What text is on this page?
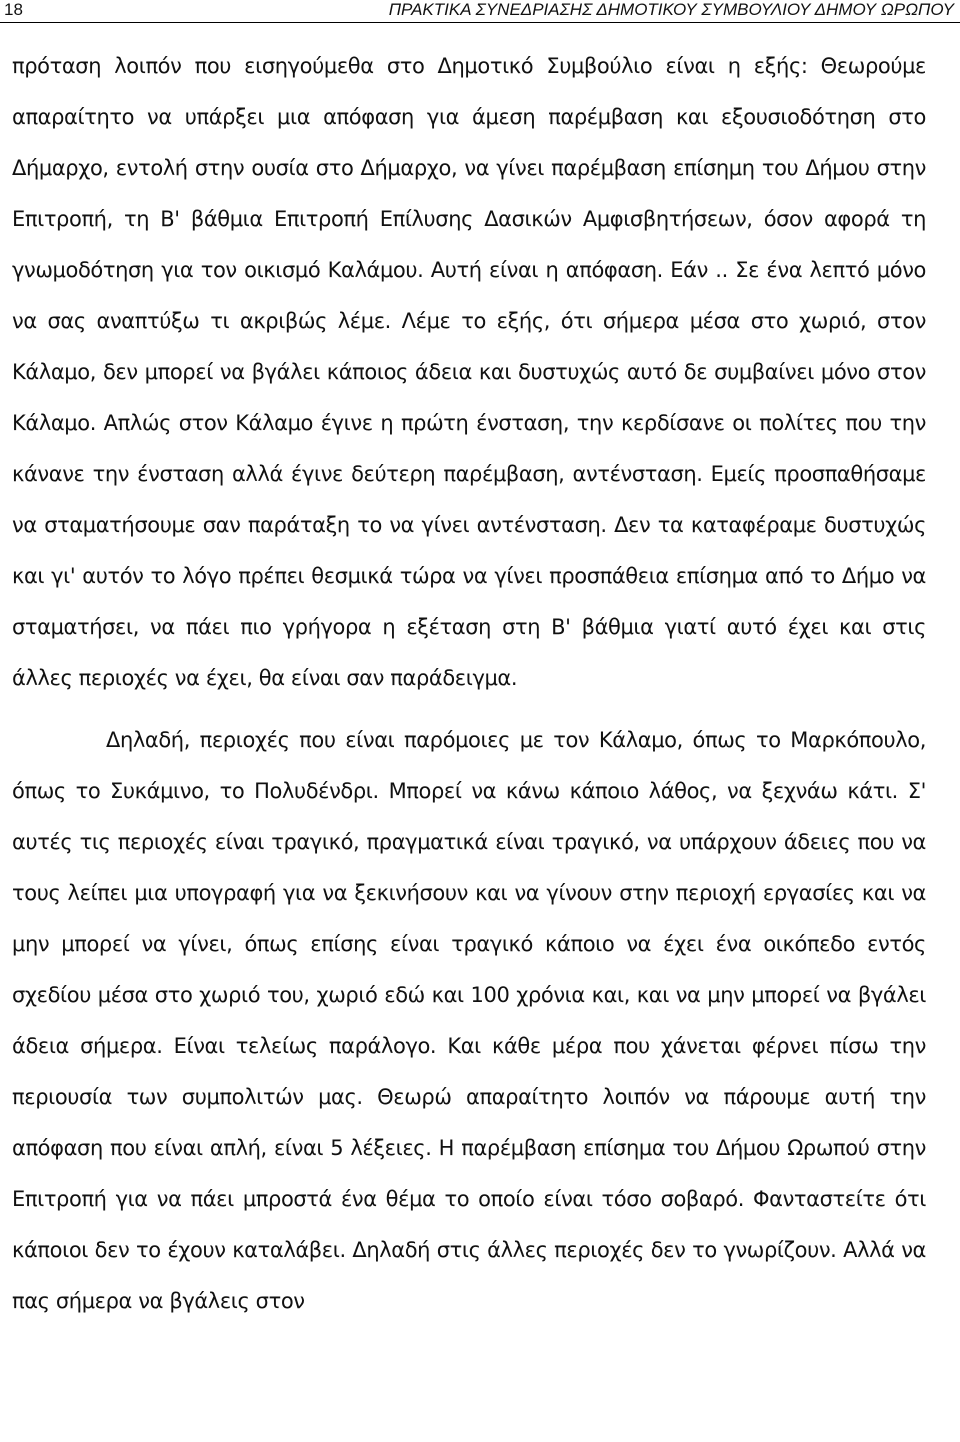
18	ΠΡΑΚΤΙΚΑ ΣΥΝΕΔΡΙΑΣΗΣ ΔΗΜΟΤΙΚΟΥ ΣΥΜΒΟΥΛΙΟΥ ΔΗΜΟΥ ΩΡΩΠΟΥ

πρόταση λοιπόν που εισηγούμεθα στο Δημοτικό Συμβούλιο είναι η εξής: Θεωρούμε απαραίτητο να υπάρξει μια απόφαση για άμεση παρέμβαση και εξουσιοδότηση στο Δήμαρχο, εντολή στην ουσία στο Δήμαρχο, να γίνει παρέμβαση επίσημη του Δήμου στην Επιτροπή, τη Β' βάθμια Επιτροπή Επίλυσης Δασικών Αμφισβητήσεων, όσον αφορά τη γνωμοδότηση για τον οικισμό Καλάμου. Αυτή είναι η απόφαση. Εάν .. Σε ένα λεπτό μόνο να σας αναπτύξω τι ακριβώς λέμε. Λέμε το εξής, ότι σήμερα μέσα στο χωριό, στον Κάλαμο, δεν μπορεί να βγάλει κάποιος άδεια και δυστυχώς αυτό δε συμβαίνει μόνο στον Κάλαμο. Απλώς στον Κάλαμο έγινε η πρώτη ένσταση, την κερδίσανε οι πολίτες που την κάνανε την ένσταση αλλά έγινε δεύτερη παρέμβαση, αντένσταση. Εμείς προσπαθήσαμε να σταματήσουμε σαν παράταξη το να γίνει αντένσταση. Δεν τα καταφέραμε δυστυχώς και γι' αυτόν το λόγο πρέπει θεσμικά τώρα να γίνει προσπάθεια επίσημα από το Δήμο να σταματήσει, να πάει πιο γρήγορα η εξέταση στη Β' βάθμια γιατί αυτό έχει και στις άλλες περιοχές να έχει, θα είναι σαν παράδειγμα.

Δηλαδή, περιοχές που είναι παρόμοιες με τον Κάλαμο, όπως το Μαρκόπουλο, όπως το Συκάμινο, το Πολυδένδρι. Μπορεί να κάνω κάποιο λάθος, να ξεχνάω κάτι. Σ' αυτές τις περιοχές είναι τραγικό, πραγματικά είναι τραγικό, να υπάρχουν άδειες που να τους λείπει μια υπογραφή για να ξεκινήσουν και να γίνουν στην περιοχή εργασίες και να μην μπορεί να γίνει, όπως επίσης είναι τραγικό κάποιο να έχει ένα οικόπεδο εντός σχεδίου μέσα στο χωριό του, χωριό εδώ και 100 χρόνια και, και να μην μπορεί να βγάλει άδεια σήμερα. Είναι τελείως παράλογο. Και κάθε μέρα που χάνεται φέρνει πίσω την περιουσία των συμπολιτών μας. Θεωρώ απαραίτητο λοιπόν να πάρουμε αυτή την απόφαση που είναι απλή, είναι 5 λέξειες. Η παρέμβαση επίσημα του Δήμου Ωρωπού στην Επιτροπή για να πάει μπροστά ένα θέμα το οποίο είναι τόσο σοβαρό. Φανταστείτε ότι κάποιοι δεν το έχουν καταλάβει. Δηλαδή στις άλλες περιοχές δεν το γνωρίζουν. Αλλά να πας σήμερα να βγάλεις στον
